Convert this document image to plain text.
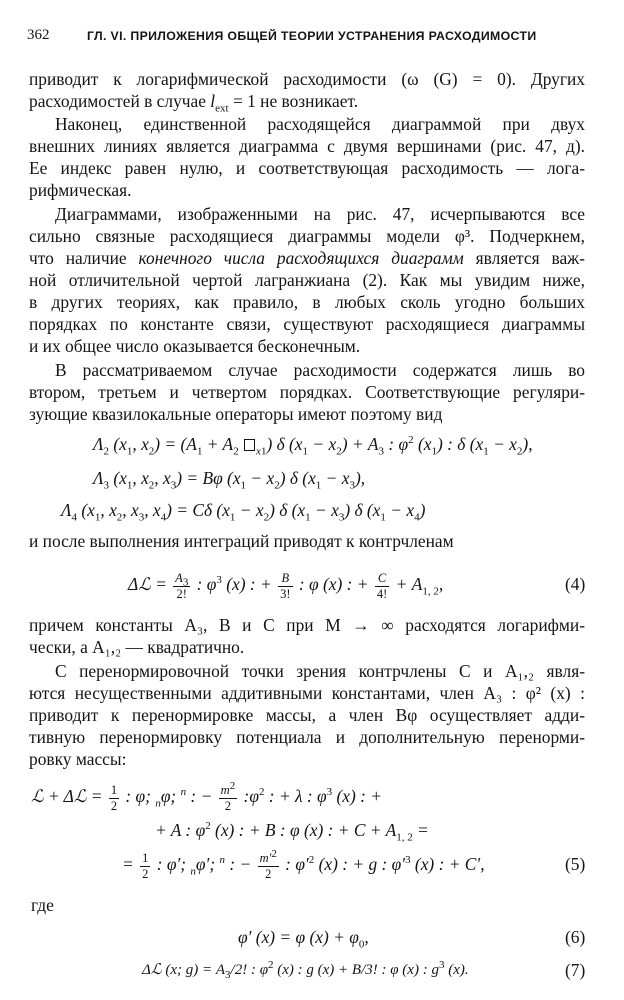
362	ГЛ. VI. ПРИЛОЖЕНИЯ ОБЩЕЙ ТЕОРИИ УСТРАНЕНИЯ РАСХОДИМОСТИ
приводит к логарифмической расходимости (ω (G) = 0). Других
расходимостей в случае $l_{ext} = 1$ не возникает.
Наконец, единственной расходящейся диаграммой при двух
внешних линиях является диаграмма с двумя вершинами (рис. 47, д).
Ее индекс равен нулю, и соответствующая расходимость — лога-
рифмическая.
Диаграммами, изображенными на рис. 47, исчерпываются все
сильно связные расходящиеся диаграммы модели φ³. Подчеркнем,
что наличие конечного числа расходящихся диаграмм является важ-
ной отличительной чертой лагранжиана (2). Как мы увидим ниже,
в других теориях, как правило, в любых сколь угодно больших
порядках по константе связи, существуют расходящиеся диаграммы
и их общее число оказывается бесконечным.
В рассматриваемом случае расходимости содержатся лишь во
втором, третьем и четвертом порядках. Соответствующие регуляри-
зующие квазилокальные операторы имеют поэтому вид
$\Lambda_2$ ($x_1$, $x_2) = (A_1 + A_2$ $_{x1}$) δ $(x_1 - x_2) + A_3$ : $\varphi^2$ $(x_1)$ : δ $(x_1 - x_2)$,
$\Lambda_3$ ($x_1$, $x_2$, $x_3) = B\varphi$ $(x_1 - x_2)$ δ $(x_1 - x_3)$,
$\Lambda_4$ ($x_1$, $x_2$, $x_3$, $x_4) = C\delta$ $(x_1 - x_2)$ δ $(x_1 - x_3)$ δ $(x_1 - x_4)$
и после выполнения интеграций приводят к контрчленам
Δℒ = $\frac{A_3}{2!}$ : $\varphi^3$ (x) : + $\frac{B}{3!}$ : φ (x) : + $\frac{C}{4!} + A_{1, 2}$,	(4)
причем константы A₃, B и C при M → ∞ расходятся логарифми-
чески, а A₁,₂ — квадратично.
С перенормировочной точки зрения контрчлены C и A₁,₂ явля-
ются несущественными аддитивными константами, член A₃ : φ² (x) :
приводит к перенормировке массы, а член Bφ осуществляет адди-
тивную перенормировку потенциала и дополнительную перенорми-
ровку массы:
ℒ + Δℒ = $\frac{1}{2}$ : φ; $_n$φ; $^n$ : − $\frac{m^2}{2}$ $:\varphi^2$ : + λ : $\varphi^3$ (x) : +
+ A : $\varphi^2$ (x) : + B : φ (x) : + $C + A_{1, 2}$ =
= $\frac{1}{2}$ : φ′; $_n$φ′; $^n$ : − $\frac{m'^2}{2}$ : $\varphi'^2$ (x) : + g : $\varphi'^3$ (x) : + C′,	(5)
где
φ′ (x) = φ $(x) + \varphi_0$,	(6)
Δℒ (x; $g) = A_3/2$! : $\varphi^2$ (x) : g (x) + B/3! : φ (x) : $g^3$ (x).	(7)
